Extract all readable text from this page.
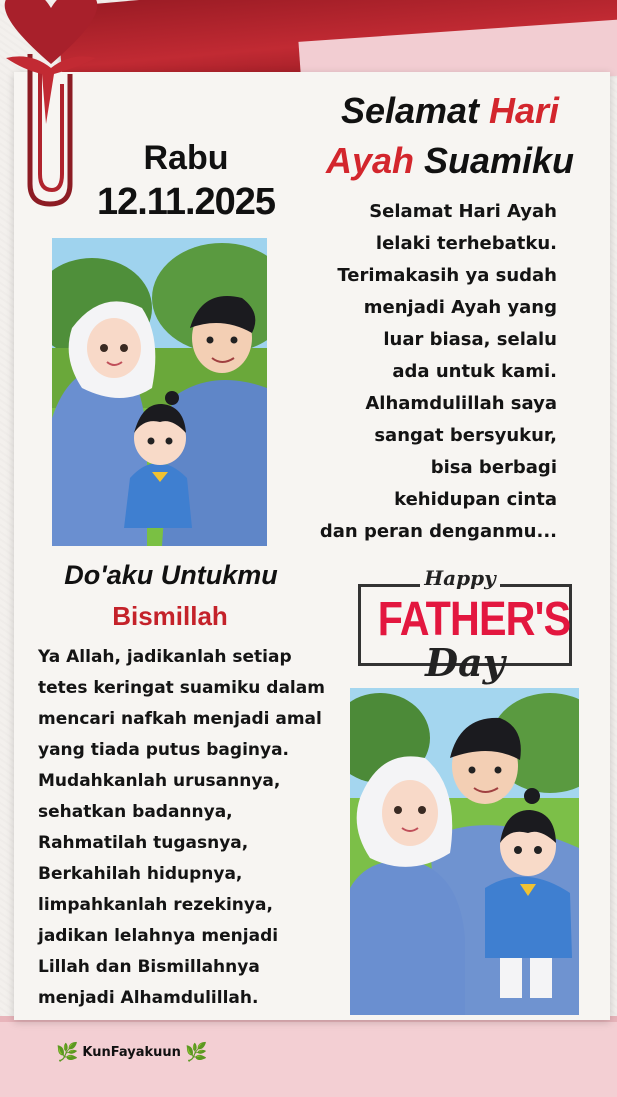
Rabu
12.11.2025
Selamat Hari
Ayah Suamiku
Selamat Hari Ayah
lelaki terhebatku.
Terimakasih ya sudah
menjadi Ayah yang
luar biasa, selalu
ada untuk kami.
Alhamdulillah saya
sangat bersyukur,
bisa berbagi
kehidupan cinta
dan peran denganmu...
Do'aku Untukmu
Bismillah
Ya Allah, jadikanlah setiap
tetes keringat suamiku dalam
mencari nafkah menjadi amal
yang tiada putus baginya.
Mudahkanlah urusannya,
sehatkan badannya,
Rahmatilah tugasnya,
Berkahilah hidupnya,
limpahkanlah rezekinya,
jadikan lelahnya menjadi
Lillah dan Bismillahnya
menjadi Alhamdulillah.
Happy
FATHER'S
Day
🌿 KunFayakuun 🌿
